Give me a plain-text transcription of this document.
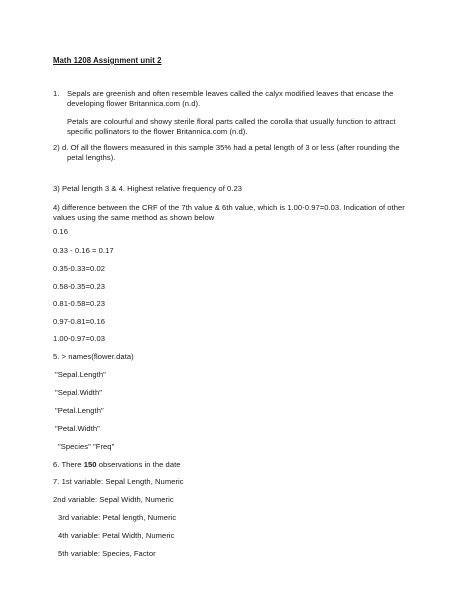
Math 1208 Assignment unit 2
1. Sepals are greenish and often resemble leaves called the calyx modified leaves that encase the
developing flower Britannica.com (n.d).
Petals are colourful and showy sterile floral parts called the corolla that usually function to attract
specific pollinators to the flower Britannica.com (n.d).
2) d. Of all the flowers measured in this sample 35% had a petal length of 3 or less (after rounding the
petal lengths).
3) Petal length 3 & 4. Highest relative frequency of 0.23
4) difference between the CRF of the 7th value & 6th value, which is 1.00-0.97=0.03. Indication of other
values using the same method as shown below
0.16
0.33 - 0.16 = 0.17
0.35-0.33=0.02
0.58-0.35=0.23
0.81-0.58=0.23
0.97-0.81=0.16
1.00-0.97=0.03
5. > names(flower.data)
"Sepal.Length"
"Sepal.Width"
"Petal.Length"
"Petal.Width"
"Species" "Freq"
6. There 150 observations in the date
7. 1st variable: Sepal Length, Numeric
2nd variable: Sepal Width, Numeric
3rd variable: Petal length, Numeric
4th variable: Petal Width, Numeric
5th variable: Species, Factor
